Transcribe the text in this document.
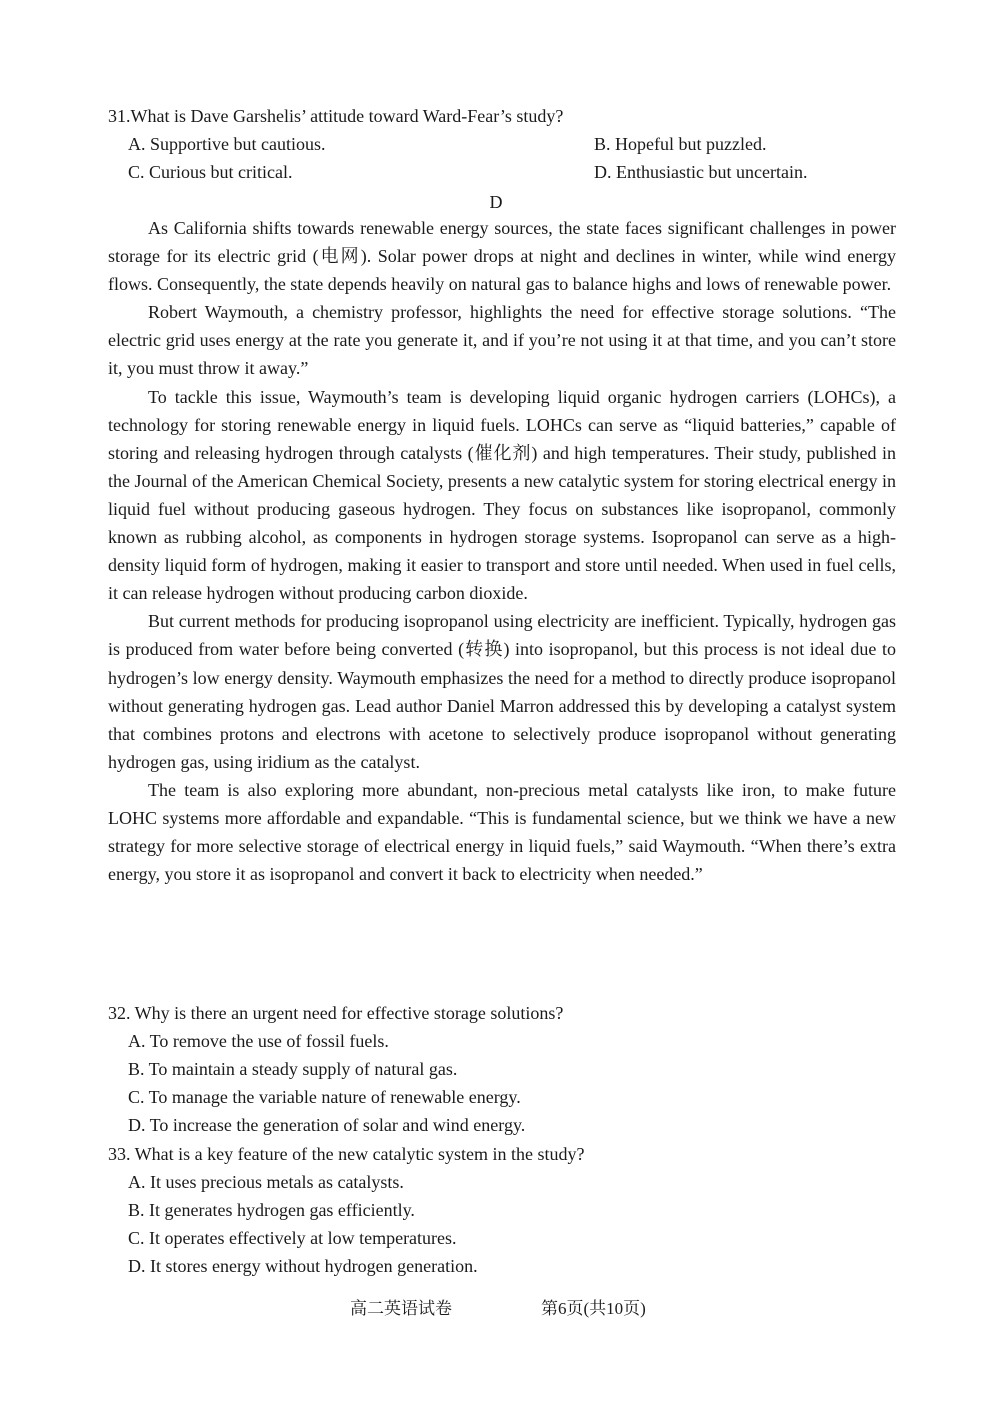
31.What is Dave Garshelis’ attitude toward Ward-Fear’s study?
A. Supportive but cautious.	B. Hopeful but puzzled.
C. Curious but critical.	D. Enthusiastic but uncertain.
D

As California shifts towards renewable energy sources, the state faces significant challenges in power storage for its electric grid (电网). Solar power drops at night and declines in winter, while wind energy flows. Consequently, the state depends heavily on natural gas to balance highs and lows of renewable power.

Robert Waymouth, a chemistry professor, highlights the need for effective storage solutions. “The electric grid uses energy at the rate you generate it, and if you’re not using it at that time, and you can’t store it, you must throw it away.”

To tackle this issue, Waymouth’s team is developing liquid organic hydrogen carriers (LOHCs), a technology for storing renewable energy in liquid fuels. LOHCs can serve as “liquid batteries,” capable of storing and releasing hydrogen through catalysts (催化剂) and high temperatures. Their study, published in the Journal of the American Chemical Society, presents a new catalytic system for storing electrical energy in liquid fuel without producing gaseous hydrogen. They focus on substances like isopropanol, commonly known as rubbing alcohol, as components in hydrogen storage systems. Isopropanol can serve as a high-density liquid form of hydrogen, making it easier to transport and store until needed. When used in fuel cells, it can release hydrogen without producing carbon dioxide.

But current methods for producing isopropanol using electricity are inefficient. Typically, hydrogen gas is produced from water before being converted (转换) into isopropanol, but this process is not ideal due to hydrogen’s low energy density. Waymouth emphasizes the need for a method to directly produce isopropanol without generating hydrogen gas. Lead author Daniel Marron addressed this by developing a catalyst system that combines protons and electrons with acetone to selectively produce isopropanol without generating hydrogen gas, using iridium as the catalyst.

The team is also exploring more abundant, non-precious metal catalysts like iron, to make future LOHC systems more affordable and expandable. “This is fundamental science, but we think we have a new strategy for more selective storage of electrical energy in liquid fuels,” said Waymouth. “When there’s extra energy, you store it as isopropanol and convert it back to electricity when needed.”

32. Why is there an urgent need for effective storage solutions?
A. To remove the use of fossil fuels.
B. To maintain a steady supply of natural gas.
C. To manage the variable nature of renewable energy.
D. To increase the generation of solar and wind energy.
33. What is a key feature of the new catalytic system in the study?
A. It uses precious metals as catalysts.
B. It generates hydrogen gas efficiently.
C. It operates effectively at low temperatures.
D. It stores energy without hydrogen generation.
高二英语试卷	第6页(共10页)
